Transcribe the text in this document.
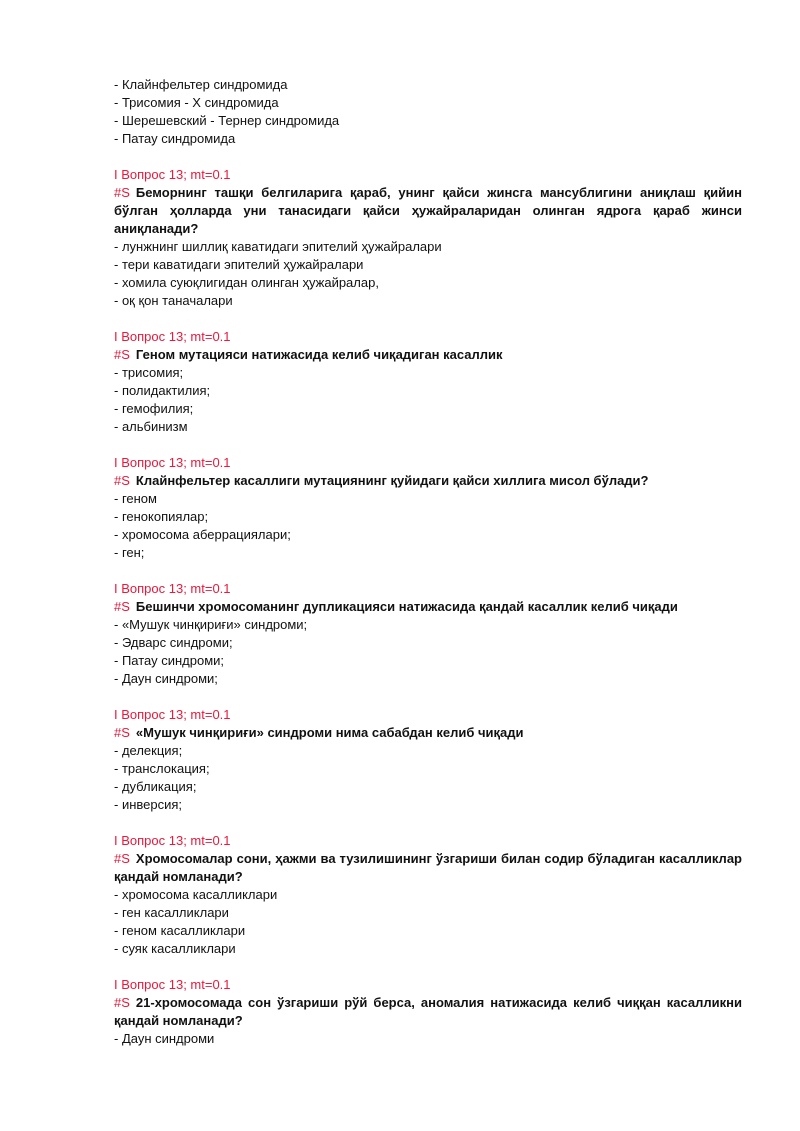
- Клайнфельтер синдромида
- Трисомия - Х синдромида
- Шерешевский - Тернер синдромида
- Патау синдромида
I Вопрос 13; mt=0.1
#S Беморнинг ташқи белгиларига қараб, унинг қайси жинсга мансублигини аниқлаш қийин бўлган ҳолларда уни танасидаги қайси ҳужайраларидан олинган ядрога қараб жинси аниқланади?
- лунжнинг шиллиқ кавaтидаги эпителий ҳужайралари
- тери кавaтидаги эпителий ҳужайралари
- хомила суюқлигидан олинган ҳужайралар,
- оқ қон таначалари
I Вопрос 13; mt=0.1
#S Геном мутацияси натижасида келиб чиқадиган касаллик
- трисомия;
- полидактилия;
- гемофилия;
- альбинизм
I Вопрос 13; mt=0.1
#S Клайнфельтер касаллиги мутациянинг қуйидаги қайси хиллига мисол бўлади?
- геном
- генокопиялар;
- хромосома аберрациялари;
- ген;
I Вопрос 13; mt=0.1
#S Бешинчи хромосоманинг дупликацияси натижасида қандай касаллик келиб чиқади
- «Мушук чинқириғи» синдроми;
- Эдварс синдроми;
- Патау синдроми;
- Даун синдроми;
I Вопрос 13; mt=0.1
#S «Мушук чинқириғи» синдроми нима сабабдан келиб чиқади
- делекция;
- транслокация;
- дубликация;
- инверсия;
I Вопрос 13; mt=0.1
#S Хромосомалар сони, ҳажми ва тузилишининг ўзгариши билан содир бўладиган касалликлар қандай номланади?
- хромосома касалликлари
- ген касалликлари
- геном касалликлари
- суяк касалликлари
I Вопрос 13; mt=0.1
#S 21-хромосомада сон ўзгариши рўй берса, аномалия натижасида келиб чиққан касалликни қандай номланади?
- Даун синдроми
